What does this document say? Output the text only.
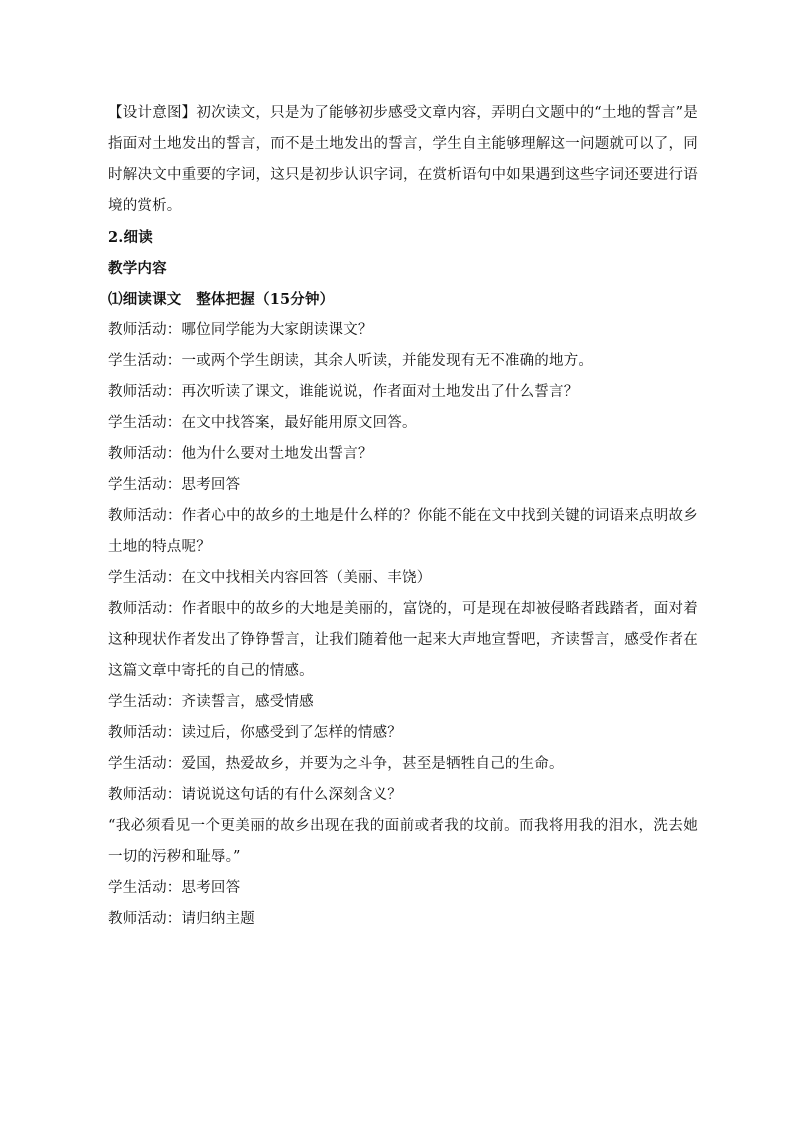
【设计意图】初次读文，只是为了能够初步感受文章内容，弄明白文题中的“土地的誓言”是指面对土地发出的誓言，而不是土地发出的誓言，学生自主能够理解这一问题就可以了，同时解决文中重要的字词，这只是初步认识字词，在赏析语句中如果遇到这些字词还要进行语境的赏析。

2.细读

教学内容

⑴细读课文　整体把握（15分钟）

教师活动：哪位同学能为大家朗读课文？

学生活动：一或两个学生朗读，其余人听读，并能发现有无不准确的地方。

教师活动：再次听读了课文，谁能说说，作者面对土地发出了什么誓言？

学生活动：在文中找答案，最好能用原文回答。

教师活动：他为什么要对土地发出誓言？

学生活动：思考回答

教师活动：作者心中的故乡的土地是什么样的？你能不能在文中找到关键的词语来点明故乡土地的特点呢？

学生活动：在文中找相关内容回答（美丽、丰饶）

教师活动：作者眼中的故乡的大地是美丽的，富饶的，可是现在却被侵略者践踏者，面对着这种现状作者发出了铮铮誓言，让我们随着他一起来大声地宣誓吧，齐读誓言，感受作者在这篇文章中寄托的自己的情感。

学生活动：齐读誓言，感受情感

教师活动：读过后，你感受到了怎样的情感？

学生活动：爱国，热爱故乡，并要为之斗争，甚至是牺牲自己的生命。

教师活动：请说说这句话的有什么深刻含义？

“我必须看见一个更美丽的故乡出现在我的面前或者我的坟前。而我将用我的泪水，洗去她一切的污秽和耻辱。”

学生活动：思考回答

教师活动：请归纳主题
